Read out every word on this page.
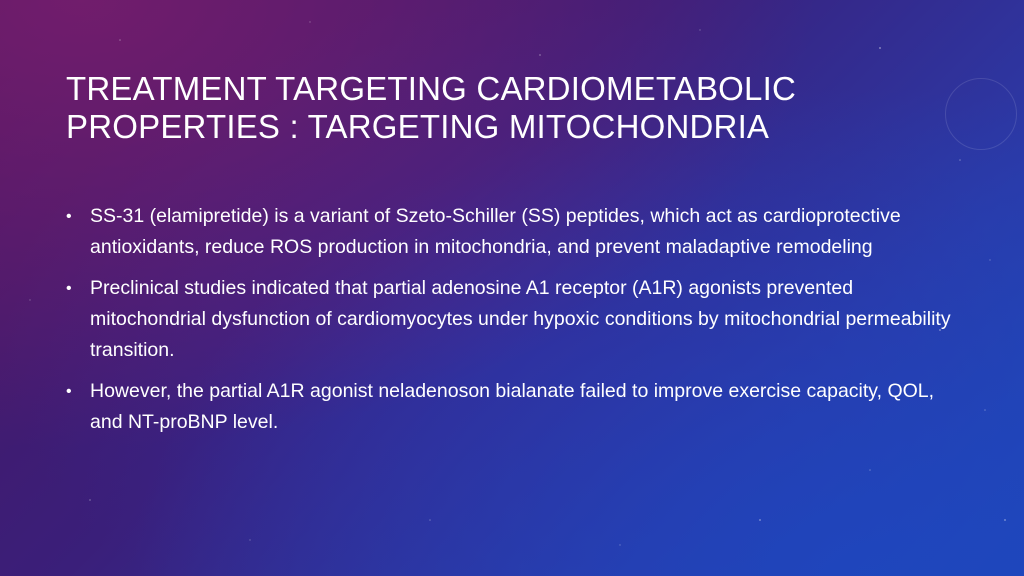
TREATMENT TARGETING CARDIOMETABOLIC
PROPERTIES : TARGETING MITOCHONDRIA
• SS-31 (elamipretide) is a variant of Szeto-Schiller (SS) peptides, which act as cardioprotective antioxidants, reduce ROS production in mitochondria, and prevent maladaptive remodeling
• Preclinical studies indicated that partial adenosine A1 receptor (A1R) agonists prevented mitochondrial dysfunction of cardiomyocytes under hypoxic conditions by mitochondrial permeability transition.
• However, the partial A1R agonist neladenoson bialanate failed to improve exercise capacity, QOL, and NT-proBNP level.
